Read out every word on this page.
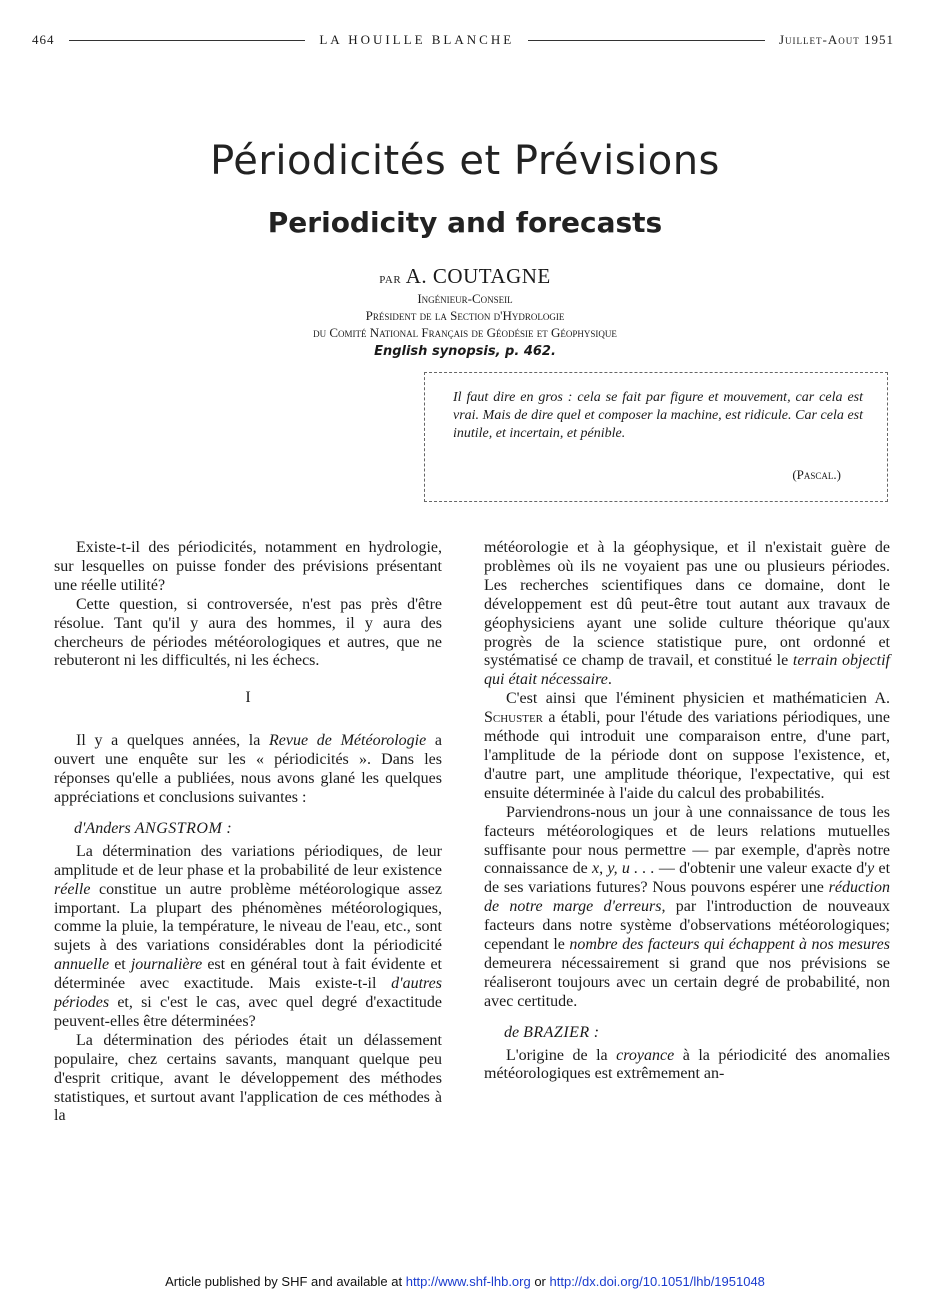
464	LA HOUILLE BLANCHE	Juillet-Aout 1951
Périodicités et Prévisions
Periodicity and forecasts
par A. COUTAGNE
Ingénieur-Conseil
Président de la Section d'Hydrologie
du Comité National Français de Géodésie et Géophysique
English synopsis, p. 462.
Il faut dire en gros : cela se fait par figure et mouvement, car cela est vrai. Mais de dire quel et composer la machine, est ridicule. Car cela est inutile, et incertain, et pénible.
(Pascal.)

Existe-t-il des périodicités, notamment en hydrologie, sur lesquelles on puisse fonder des prévisions présentant une réelle utilité?

Cette question, si controversée, n'est pas près d'être résolue. Tant qu'il y aura des hommes, il y aura des chercheurs de périodes météorologiques et autres, que ne rebuteront ni les difficultés, ni les échecs.

I

Il y a quelques années, la Revue de Météorologie a ouvert une enquête sur les « périodicités ». Dans les réponses qu'elle a publiées, nous avons glané les quelques appréciations et conclusions suivantes :

d'Anders ANGSTROM :

La détermination des variations périodiques, de leur amplitude et de leur phase et la probabilité de leur existence réelle constitue un autre problème météorologique assez important. La plupart des phénomènes météorologiques, comme la pluie, la température, le niveau de l'eau, etc., sont sujets à des variations considérables dont la périodicité annuelle et journalière est en général tout à fait évidente et déterminée avec exactitude. Mais existe-t-il d'autres périodes et, si c'est le cas, avec quel degré d'exactitude peuvent-elles être déterminées?

La détermination des périodes était un délassement populaire, chez certains savants, manquant quelque peu d'esprit critique, avant le développement des méthodes statistiques, et surtout avant l'application de ces méthodes à la

météorologie et à la géophysique, et il n'existait guère de problèmes où ils ne voyaient pas une ou plusieurs périodes. Les recherches scientifiques dans ce domaine, dont le développement est dû peut-être tout autant aux travaux de géophysiciens ayant une solide culture théorique qu'aux progrès de la science statistique pure, ont ordonné et systématisé ce champ de travail, et constitué le terrain objectif qui était nécessaire.

C'est ainsi que l'éminent physicien et mathématicien A. Schuster a établi, pour l'étude des variations périodiques, une méthode qui introduit une comparaison entre, d'une part, l'amplitude de la période dont on suppose l'existence, et, d'autre part, une amplitude théorique, l'expectative, qui est ensuite déterminée à l'aide du calcul des probabilités.

Parviendrons-nous un jour à une connaissance de tous les facteurs météorologiques et de leurs relations mutuelles suffisante pour nous permettre — par exemple, d'après notre connaissance de x, y, u . . . — d'obtenir une valeur exacte d'y et de ses variations futures? Nous pouvons espérer une réduction de notre marge d'erreurs, par l'introduction de nouveaux facteurs dans notre système d'observations météorologiques; cependant le nombre des facteurs qui échappent à nos mesures demeurera nécessairement si grand que nos prévisions se réaliseront toujours avec un certain degré de probabilité, non avec certitude.

de BRAZIER :

L'origine de la croyance à la périodicité des anomalies météorologiques est extrêmement an-

Article published by SHF and available at http://www.shf-lhb.org or http://dx.doi.org/10.1051/lhb/1951048
